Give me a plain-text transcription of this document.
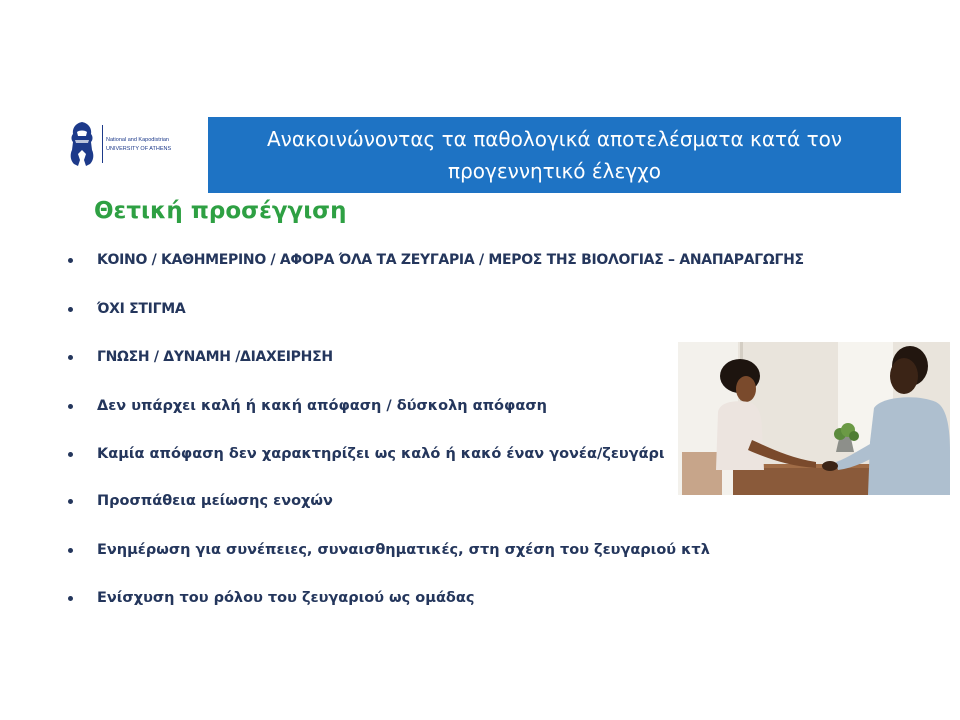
National and Kapodistrian
UNIVERSITY OF ATHENS	Ανακοινώνοντας τα παθολογικά αποτελέσματα κατά τον
προγεννητικό έλεγχο
Θετική προσέγγιση
ΚΟΙΝΟ / ΚΑΘΗΜΕΡΙΝΟ / ΑΦΟΡΑ ΌΛΑ ΤΑ ΖΕΥΓΑΡΙΑ / ΜΕΡΟΣ ΤΗΣ ΒΙΟΛΟΓΙΑΣ – ΑΝΑΠΑΡΑΓΩΓΗΣ
ΌΧΙ ΣΤΙΓΜΑ
ΓΝΩΣΗ / ΔΥΝΑΜΗ /ΔΙΑΧΕΙΡΗΣΗ
Δεν υπάρχει καλή ή κακή απόφαση / δύσκολη απόφαση
Καμία απόφαση δεν χαρακτηρίζει ως καλό ή κακό έναν γονέα/ζευγάρι
Προσπάθεια μείωσης ενοχών
Ενημέρωση για συνέπειες, συναισθηματικές, στη σχέση του ζευγαριού κτλ
Ενίσχυση του ρόλου του ζευγαριού ως ομάδας
